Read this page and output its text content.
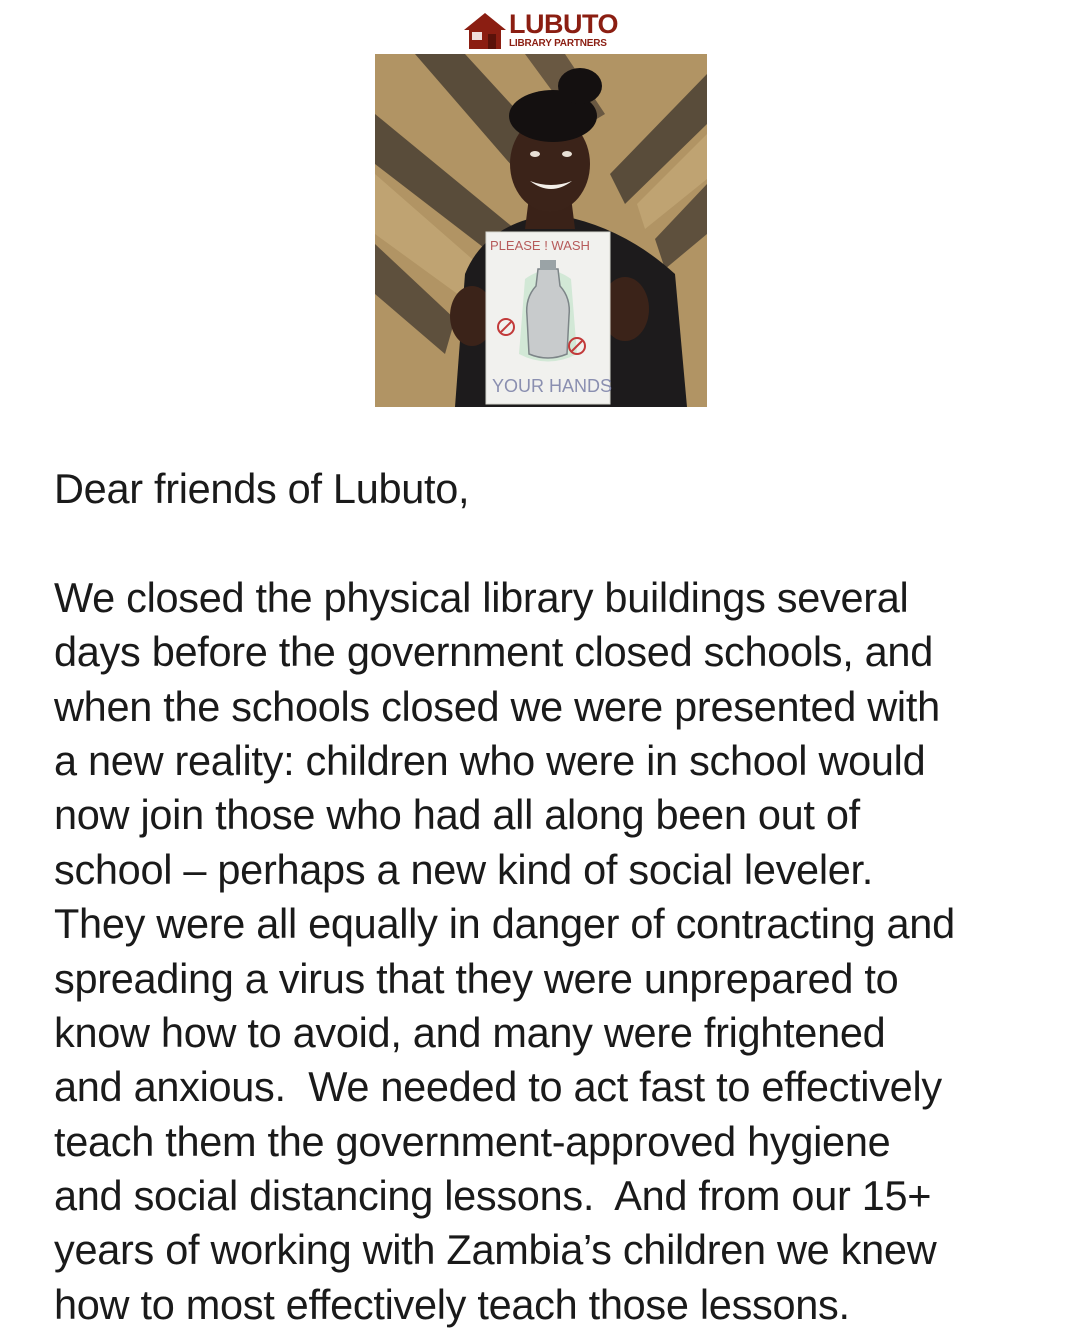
LUBUTO
LIBRARY PARTNERS
PLEASE ! WASH
YOUR HANDS

Dear friends of Lubuto,

We closed the physical library buildings several

days before the government closed schools, and

when the schools closed we were presented with

a new reality: children who were in school would

now join those who had all along been out of

school – perhaps a new kind of social leveler.

They were all equally in danger of contracting and

spreading a virus that they were unprepared to

know how to avoid, and many were frightened

and anxious.  We needed to act fast to effectively

teach them the government-approved hygiene

and social distancing lessons.  And from our 15+

years of working with Zambia’s children we knew

how to most effectively teach those lessons.
